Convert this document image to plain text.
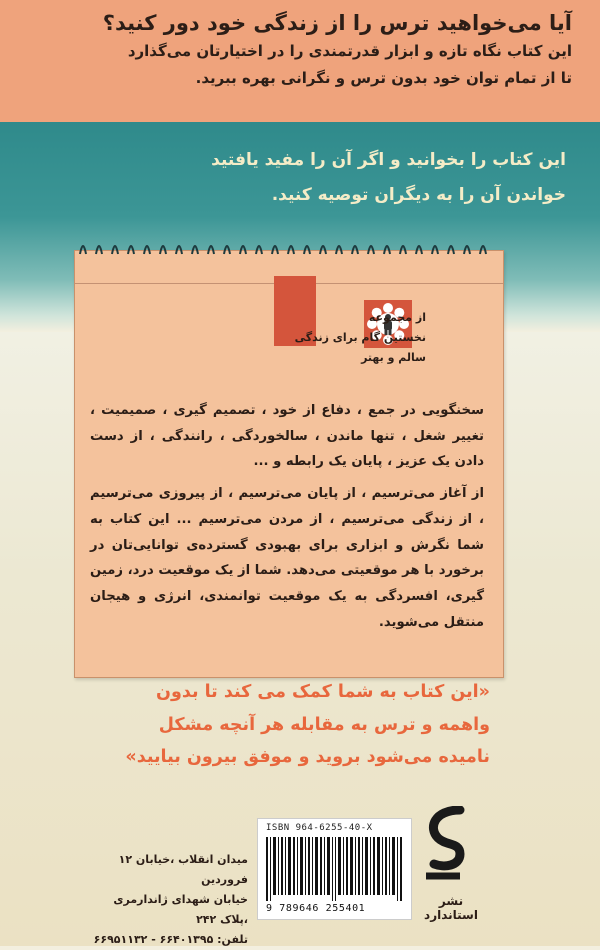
آیا می‌خواهید ترس را از زندگی خود دور کنید؟
این کتاب نگاه تازه و ابزار قدرتمندی را در اختیارتان می‌گذارد
تا از تمام توان خود بدون ترس و نگرانی بهره ببرید.
این کتاب را بخوانید و اگر آن را مفید یافتید
خواندن آن را به دیگران توصیه کنید.
از مجموعه
نخستین گام برای زندگی
سالم و بهتر

سخنگویی در جمع ، دفاع از خود ، تصمیم گیری ، صمیمیت ، تغییر شغل ، تنها ماندن ، سالخوردگی ، رانندگی ، از دست دادن یک عزیز ، پایان یک رابطه و ...

از آغاز می‌ترسیم ، از پایان می‌ترسیم ، از پیروزی می‌ترسیم ، از زندگی می‌ترسیم ، از مردن می‌ترسیم ... این کتاب به شما نگرش و ابزاری برای بهبودی گسترده‌ی توانایی‌تان در برخورد با هر موقعیتی می‌دهد. شما از یک موقعیت درد، زمین گیری، افسردگی به یک موقعیت توانمندی، انرژی و هیجان منتقل می‌شوید.

«این کتاب به شما کمک می کند تا بدون
واهمه و ترس به مقابله هر آنچه مشکل
نامیده می‌شود بروید و موفق بیرون بیایید»
ISBN 964-6255-40-X
9 789646 255401
میدان انقلاب ،خیابان ۱۲ فروردین
خیابان شهدای ژاندارمری ،پلاک ۲۴۲
تلفن: ۶۶۴۰۱۳۹۵ - ۶۶۹۵۱۱۳۲
نشر استاندارد
